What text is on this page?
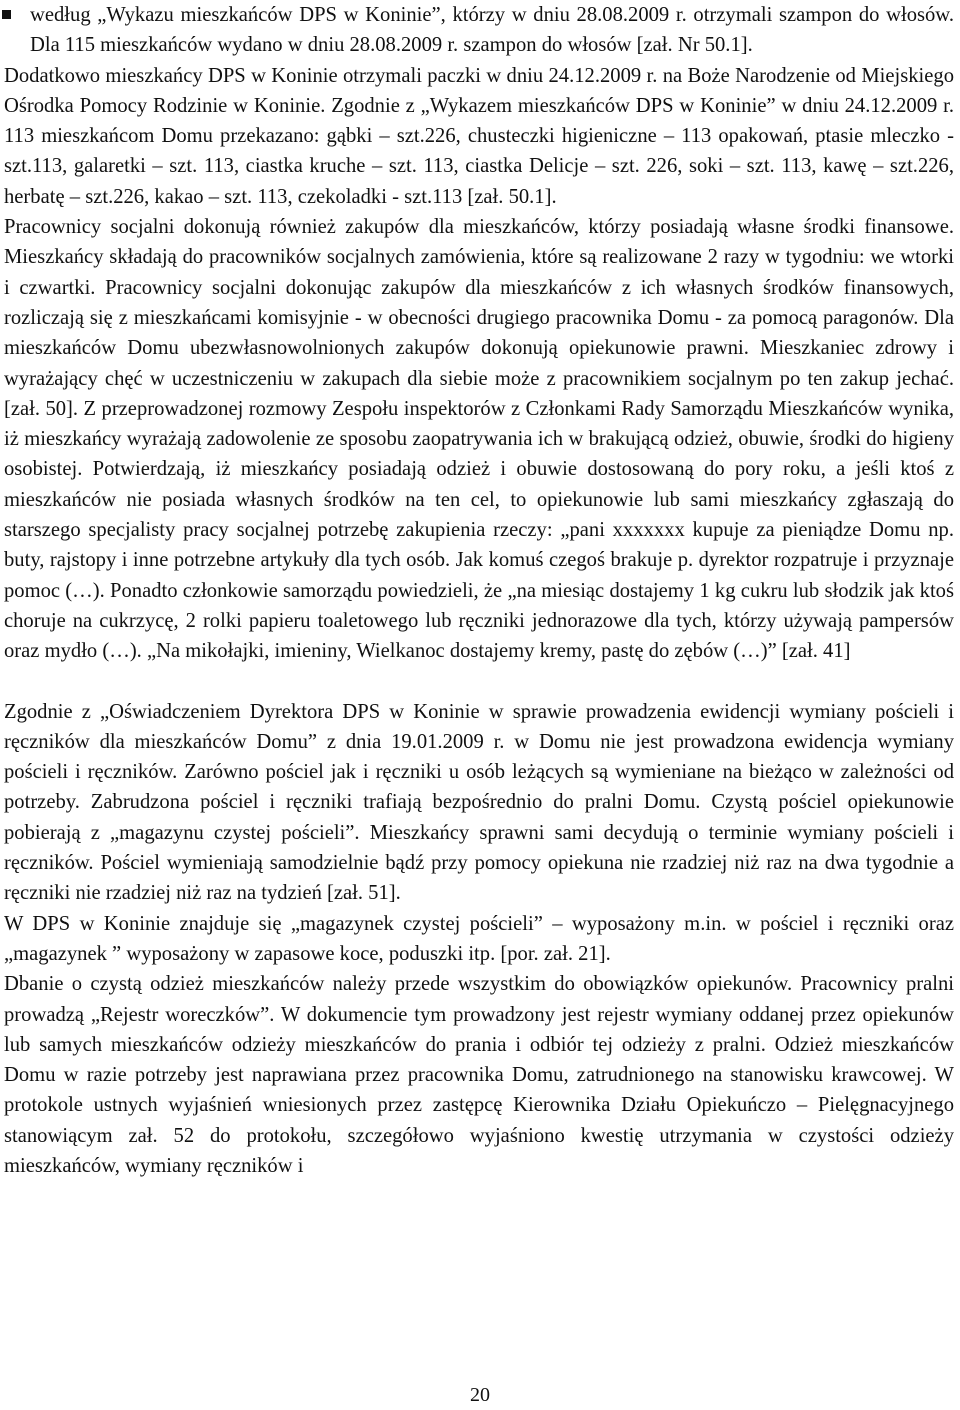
według „Wykazu mieszkańców DPS w Koninie”, którzy w dniu 28.08.2009 r. otrzymali szampon do włosów. Dla 115 mieszkańców wydano w dniu 28.08.2009 r. szampon do włosów [zał. Nr 50.1].

Dodatkowo mieszkańcy DPS w Koninie otrzymali paczki w dniu 24.12.2009 r. na Boże Narodzenie od Miejskiego Ośrodka Pomocy Rodzinie w Koninie. Zgodnie z „Wykazem mieszkańców DPS w Koninie” w dniu 24.12.2009 r. 113 mieszkańcom Domu przekazano: gąbki – szt.226, chusteczki higieniczne – 113 opakowań, ptasie mleczko - szt.113, galaretki – szt. 113, ciastka kruche – szt. 113, ciastka Delicje – szt. 226, soki – szt. 113, kawę – szt.226, herbatę – szt.226, kakao – szt. 113, czekoladki - szt.113 [zał. 50.1].

Pracownicy socjalni dokonują również zakupów dla mieszkańców, którzy posiadają własne środki finansowe. Mieszkańcy składają do pracowników socjalnych zamówienia, które są realizowane 2 razy w tygodniu: we wtorki i czwartki. Pracownicy socjalni dokonując zakupów dla mieszkańców z ich własnych środków finansowych, rozliczają się z mieszkańcami komisyjnie - w obecności drugiego pracownika Domu - za pomocą paragonów. Dla mieszkańców Domu ubezwłasnowolnionych zakupów dokonują opiekunowie prawni. Mieszkaniec zdrowy i wyrażający chęć w uczestniczeniu w zakupach dla siebie może z pracownikiem socjalnym po ten zakup jechać. [zał. 50]. Z przeprowadzonej rozmowy Zespołu inspektorów z Członkami Rady Samorządu Mieszkańców wynika, iż mieszkańcy wyrażają zadowolenie ze sposobu zaopatrywania ich w brakującą odzież, obuwie, środki do higieny osobistej. Potwierdzają, iż mieszkańcy posiadają odzież i obuwie dostosowaną do pory roku, a jeśli ktoś z mieszkańców nie posiada własnych środków na ten cel, to opiekunowie lub sami mieszkańcy zgłaszają do starszego specjalisty pracy socjalnej potrzebę zakupienia rzeczy: „pani xxxxxxx kupuje za pieniądze Domu np. buty, rajstopy i inne potrzebne artykuły dla tych osób. Jak komuś czegoś brakuje p. dyrektor rozpatruje i przyznaje pomoc (…). Ponadto członkowie samorządu powiedzieli, że „na miesiąc dostajemy 1 kg cukru lub słodzik jak ktoś choruje na cukrzycę, 2 rolki papieru toaletowego lub ręczniki jednorazowe dla tych, którzy używają pampersów oraz mydło (…). „Na mikołajki, imieniny, Wielkanoc dostajemy kremy, pastę do zębów (…)” [zał. 41]

Zgodnie z „Oświadczeniem Dyrektora DPS w Koninie w sprawie prowadzenia ewidencji wymiany pościeli i ręczników dla mieszkańców Domu” z dnia 19.01.2009 r. w Domu nie jest prowadzona ewidencja wymiany pościeli i ręczników. Zarówno pościel jak i ręczniki u osób leżących są wymieniane na bieżąco w zależności od potrzeby. Zabrudzona pościel i ręczniki trafiają bezpośrednio do pralni Domu. Czystą pościel opiekunowie pobierają z „magazynu czystej pościeli”. Mieszkańcy sprawni sami decydują o terminie wymiany pościeli i ręczników. Pościel wymieniają samodzielnie bądź przy pomocy opiekuna nie rzadziej niż raz na dwa tygodnie a ręczniki nie rzadziej niż raz na tydzień [zał. 51].

W DPS w Koninie znajduje się „magazynek czystej pościeli” – wyposażony m.in. w pościel i ręczniki oraz „magazynek ” wyposażony w zapasowe koce, poduszki itp. [por. zał. 21].

Dbanie o czystą odzież mieszkańców należy przede wszystkim do obowiązków opiekunów. Pracownicy pralni prowadzą „Rejestr woreczków”. W dokumencie tym prowadzony jest rejestr wymiany oddanej przez opiekunów lub samych mieszkańców odzieży mieszkańców do prania i odbiór tej odzieży z pralni. Odzież mieszkańców Domu w razie potrzeby jest naprawiana przez pracownika Domu, zatrudnionego na stanowisku krawcowej. W protokole ustnych wyjaśnień wniesionych przez zastępcę Kierownika Działu Opiekuńczo – Pielęgnacyjnego stanowiącym zał. 52 do protokołu, szczegółowo wyjaśniono kwestię utrzymania w czystości odzieży mieszkańców, wymiany ręczników i

20
